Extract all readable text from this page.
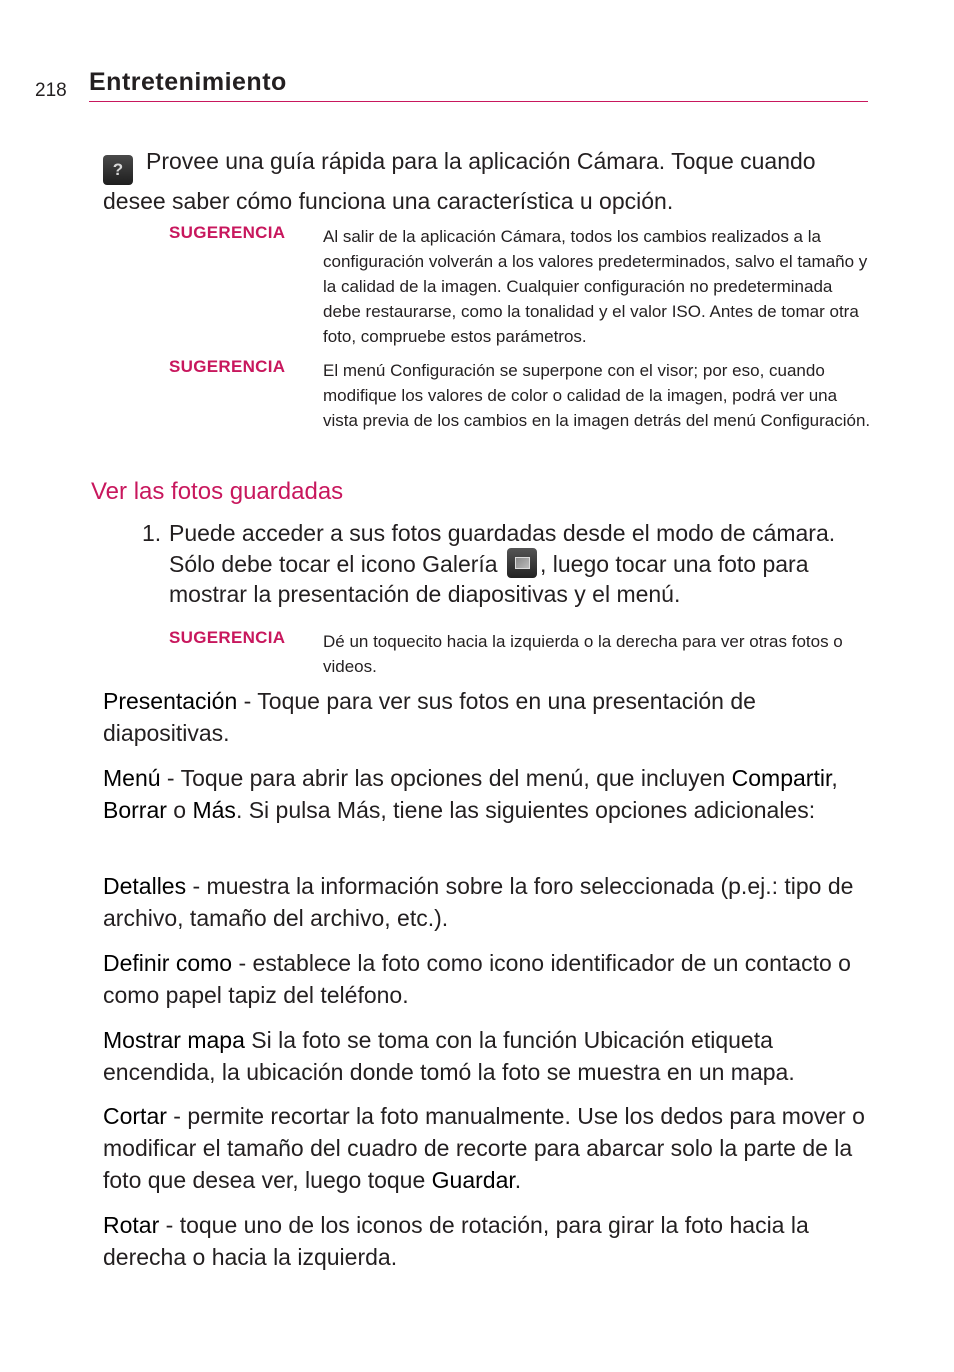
218 Entretenimiento
? Provee una guía rápida para la aplicación Cámara. Toque cuando desee saber cómo funciona una característica u opción.
SUGERENCIA Al salir de la aplicación Cámara, todos los cambios realizados a la configuración volverán a los valores predeterminados, salvo el tamaño y la calidad de la imagen. Cualquier configuración no predeterminada debe restaurarse, como la tonalidad y el valor ISO. Antes de tomar otra foto, compruebe estos parámetros.
SUGERENCIA El menú Configuración se superpone con el visor; por eso, cuando modifique los valores de color o calidad de la imagen, podrá ver una vista previa de los cambios en la imagen detrás del menú Configuración.
Ver las fotos guardadas
1. Puede acceder a sus fotos guardadas desde el modo de cámara. Sólo debe tocar el icono Galería , luego tocar una foto para mostrar la presentación de diapositivas y el menú.
SUGERENCIA Dé un toquecito hacia la izquierda o la derecha para ver otras fotos o videos.
Presentación - Toque para ver sus fotos en una presentación de diapositivas.
Menú - Toque para abrir las opciones del menú, que incluyen Compartir, Borrar o Más. Si pulsa Más, tiene las siguientes opciones adicionales:
Detalles - muestra la información sobre la foro seleccionada (p.ej.: tipo de archivo, tamaño del archivo, etc.).
Definir como - establece la foto como icono identificador de un contacto o como papel tapiz del teléfono.
Mostrar mapa Si la foto se toma con la función Ubicación etiqueta encendida, la ubicación donde tomó la foto se muestra en un mapa.
Cortar - permite recortar la foto manualmente. Use los dedos para mover o modificar el tamaño del cuadro de recorte para abarcar solo la parte de la foto que desea ver, luego toque Guardar.
Rotar - toque uno de los iconos de rotación, para girar la foto hacia la derecha o hacia la izquierda.
